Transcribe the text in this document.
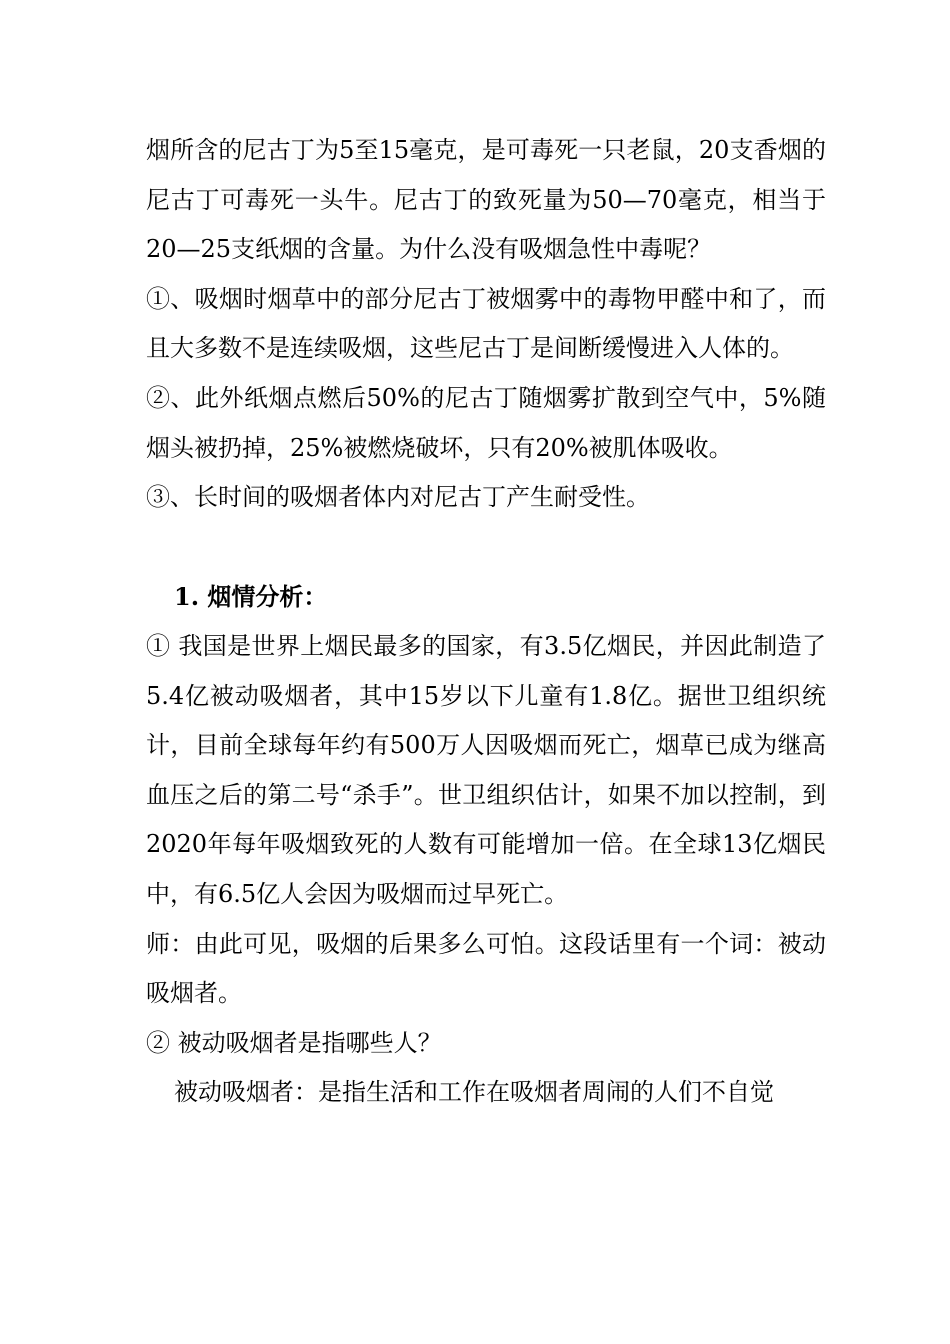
烟所含的尼古丁为5至15毫克，是可毒死一只老鼠，20支香烟的尼古丁可毒死一头牛。尼古丁的致死量为50—70毫克，相当于20—25支纸烟的含量。为什么没有吸烟急性中毒呢？

①、吸烟时烟草中的部分尼古丁被烟雾中的毒物甲醛中和了，而且大多数不是连续吸烟，这些尼古丁是间断缓慢进入人体的。

②、此外纸烟点燃后50%的尼古丁随烟雾扩散到空气中，5%随烟头被扔掉，25%被燃烧破坏，只有20%被肌体吸收。

③、长时间的吸烟者体内对尼古丁产生耐受性。

1. 烟情分析：

① 我国是世界上烟民最多的国家，有3.5亿烟民，并因此制造了5.4亿被动吸烟者，其中15岁以下儿童有1.8亿。据世卫组织统计，目前全球每年约有500万人因吸烟而死亡，烟草已成为继高血压之后的第二号“杀手”。世卫组织估计，如果不加以控制，到2020年每年吸烟致死的人数有可能增加一倍。在全球13亿烟民中，有6.5亿人会因为吸烟而过早死亡。

师：由此可见，吸烟的后果多么可怕。这段话里有一个词：被动吸烟者。

② 被动吸烟者是指哪些人？

被动吸烟者：是指生活和工作在吸烟者周闹的人们不自觉
